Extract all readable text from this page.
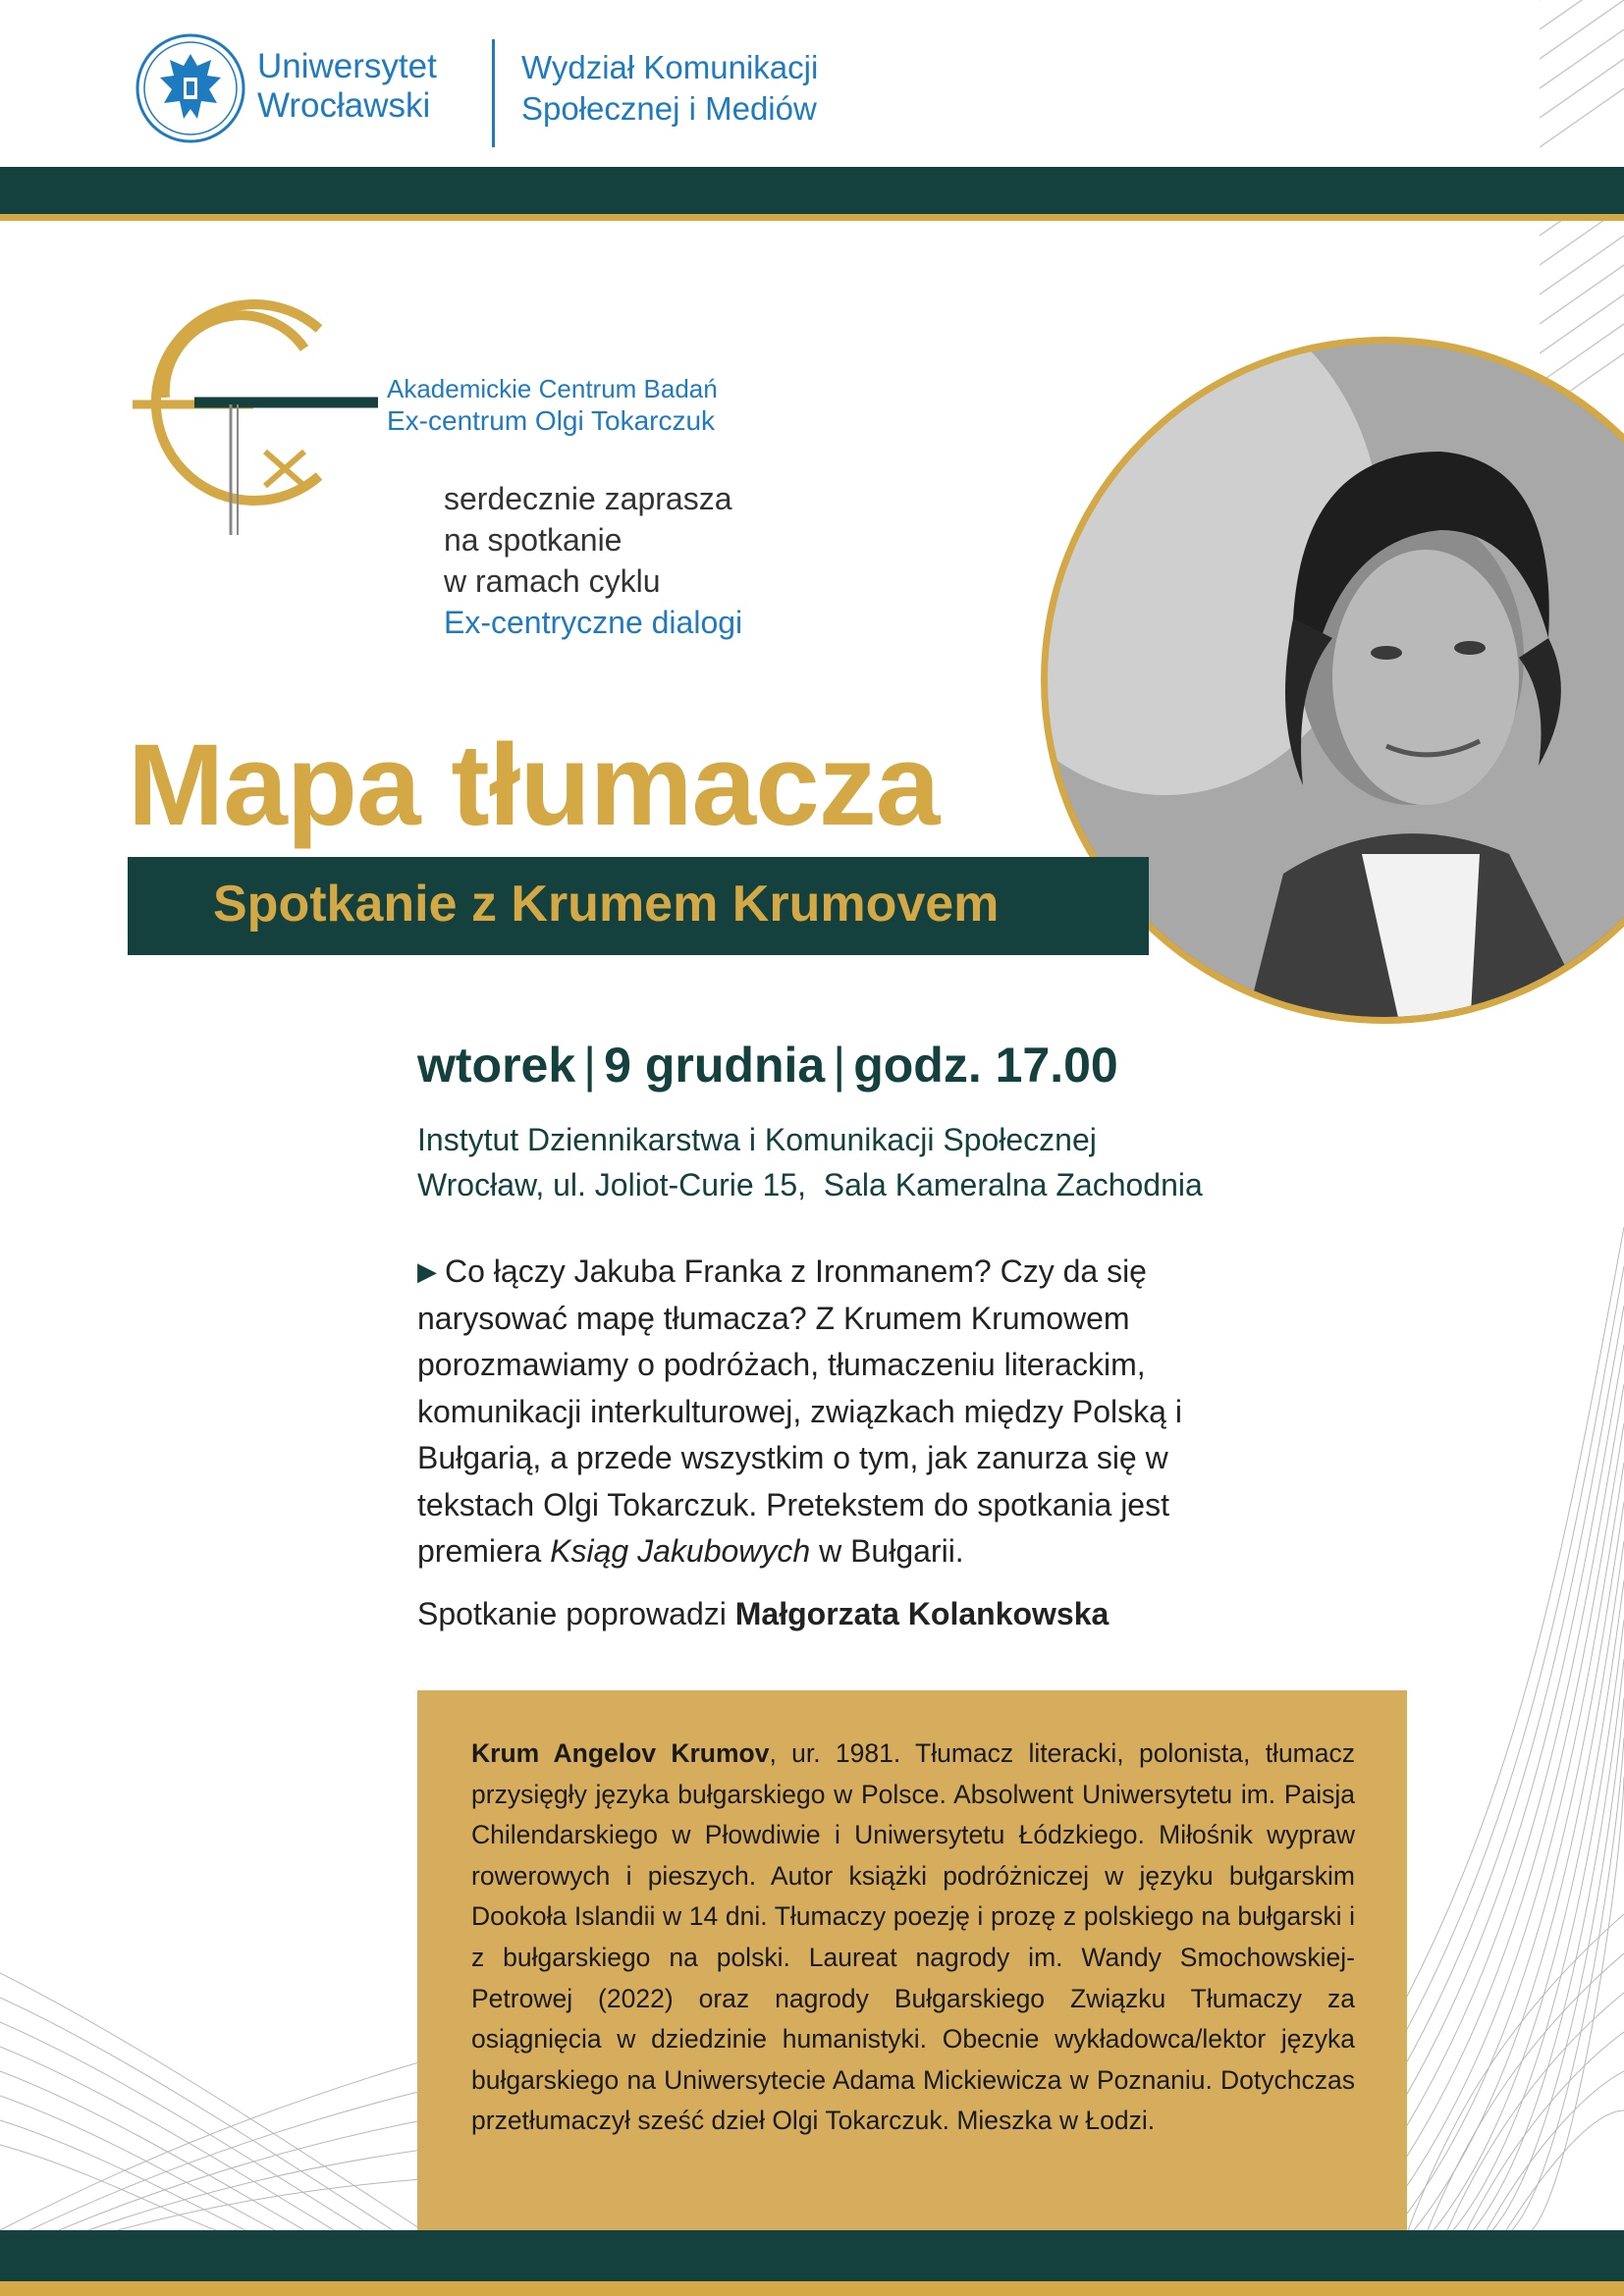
Uniwersytet
Wrocławski
Wydział Komunikacji
Społecznej i Mediów
Akademickie Centrum Badań
Ex-centrum Olgi Tokarczuk
serdecznie zaprasza
na spotkanie
w ramach cyklu
Ex-centryczne dialogi
Mapa tłumacza
Spotkanie z Krumem Krumovem
wtorek | 9 grudnia | godz. 17.00
Instytut Dziennikarstwa i Komunikacji Społecznej
Wrocław, ul. Joliot-Curie 15,  Sala Kameralna Zachodnia
▶ Co łączy Jakuba Franka z Ironmanem? Czy da się narysować mapę tłumacza? Z Krumem Krumowem porozmawiamy o podróżach, tłumaczeniu literackim, komunikacji interkulturowej, związkach między Polską i Bułgarią, a przede wszystkim o tym, jak zanurza się w tekstach Olgi Tokarczuk. Pretekstem do spotkania jest premiera Ksiąg Jakubowych w Bułgarii.
Spotkanie poprowadzi Małgorzata Kolankowska
Krum Angelov Krumov, ur. 1981. Tłumacz literacki, polonista, tłumacz przysięgły języka bułgarskiego w Polsce. Absolwent Uniwersytetu im. Paisja Chilendarskiego w Płowdiwie i Uniwersytetu Łódzkiego. Miłośnik wypraw rowerowych i pieszych. Autor książki podróżniczej w języku bułgarskim Dookoła Islandii w 14 dni. Tłumaczy poezję i prozę z polskiego na bułgarski i z bułgarskiego na polski. Laureat nagrody im. Wandy Smochowskiej-Petrowej (2022) oraz nagrody Bułgarskiego Związku Tłumaczy za osiągnięcia w dziedzinie humanistyki. Obecnie wykładowca/lektor języka bułgarskiego na Uniwersytecie Adama Mickiewicza w Poznaniu. Dotychczas przetłumaczył sześć dzieł Olgi Tokarczuk. Mieszka w Łodzi.
